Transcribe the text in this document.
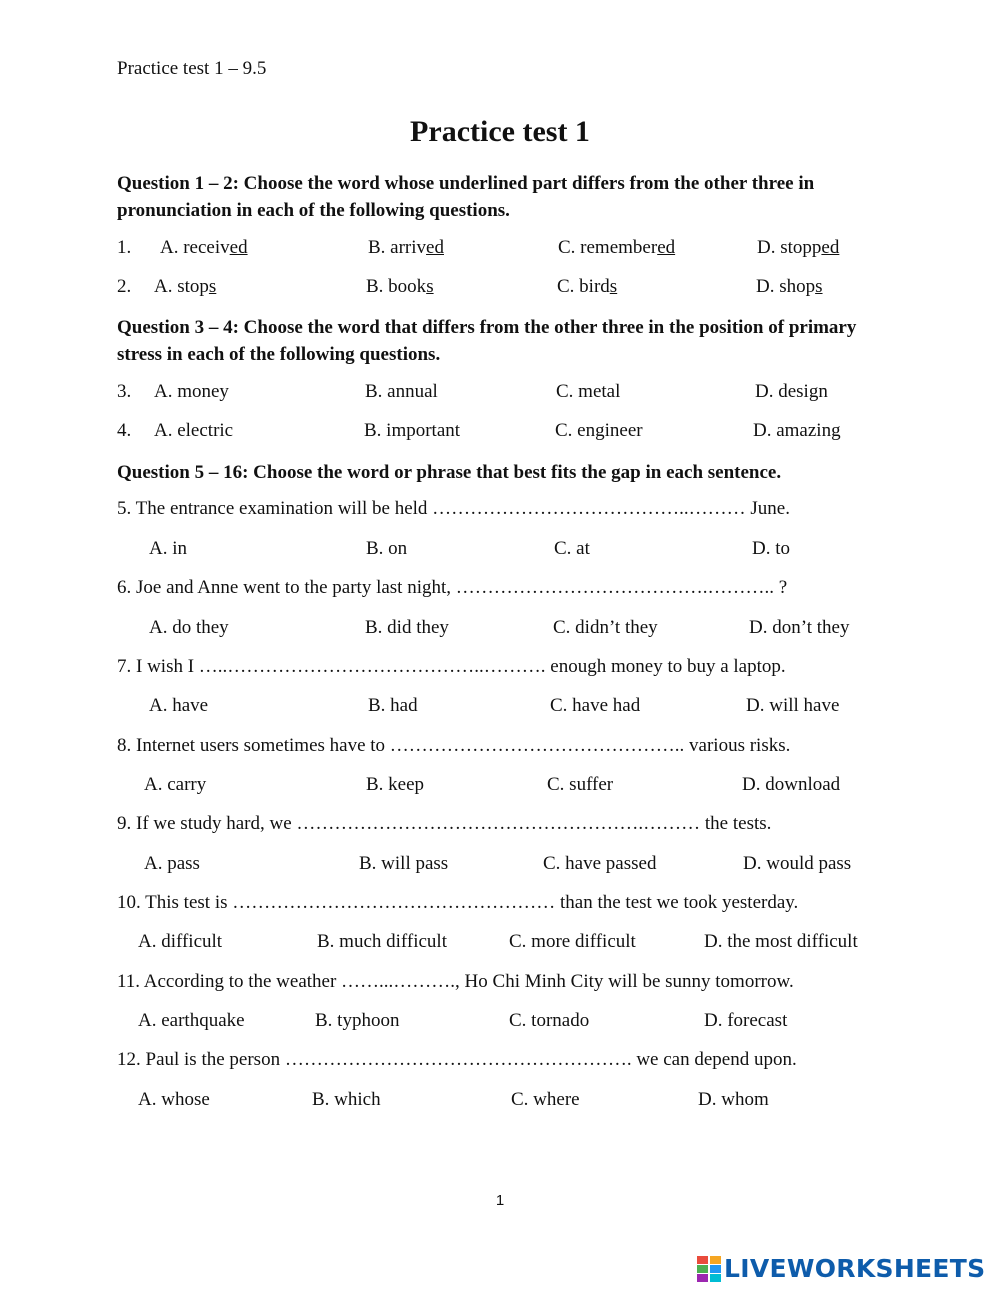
Practice test 1 – 9.5
Practice test 1
Question 1 – 2: Choose the word whose underlined part differs from the other three in pronunciation in each of the following questions.
1. A. received	B. arrived	C. remembered	D. stopped
2. A. stops	B. books	C. birds	D. shops
Question 3 – 4: Choose the word that differs from the other three in the position of primary stress in each of the following questions.
3. A. money	B. annual	C. metal	D. design
4. A. electric	B. important	C. engineer	D. amazing
Question 5 – 16: Choose the word or phrase that best fits the gap in each sentence.
5. The entrance examination will be held …………………………………..……… June.
A. in	B. on	C. at	D. to
6. Joe and Anne went to the party last night, ………………………………….……….. ?
A. do they	B. did they	C. didn’t they	D. don’t they
7. I wish I …..…………………………………..………. enough money to buy a laptop.
A. have	B. had	C. have had	D. will have
8. Internet users sometimes have to ……………………………………….. various risks.
A. carry	B. keep	C. suffer	D. download
9. If we study hard, we ……………………………………………….……… the tests.
A. pass	B. will pass	C. have passed	D. would pass
10. This test is …………………………………………… than the test we took yesterday.
A. difficult	B. much difficult	C. more difficult	D. the most difficult
11. According to the weather ……...………., Ho Chi Minh City will be sunny tomorrow.
A. earthquake	B. typhoon	C. tornado	D. forecast
12. Paul is the person ………………………………………………. we can depend upon.
A. whose	B. which	C. where	D. whom
1
LIVEWORKSHEETS
